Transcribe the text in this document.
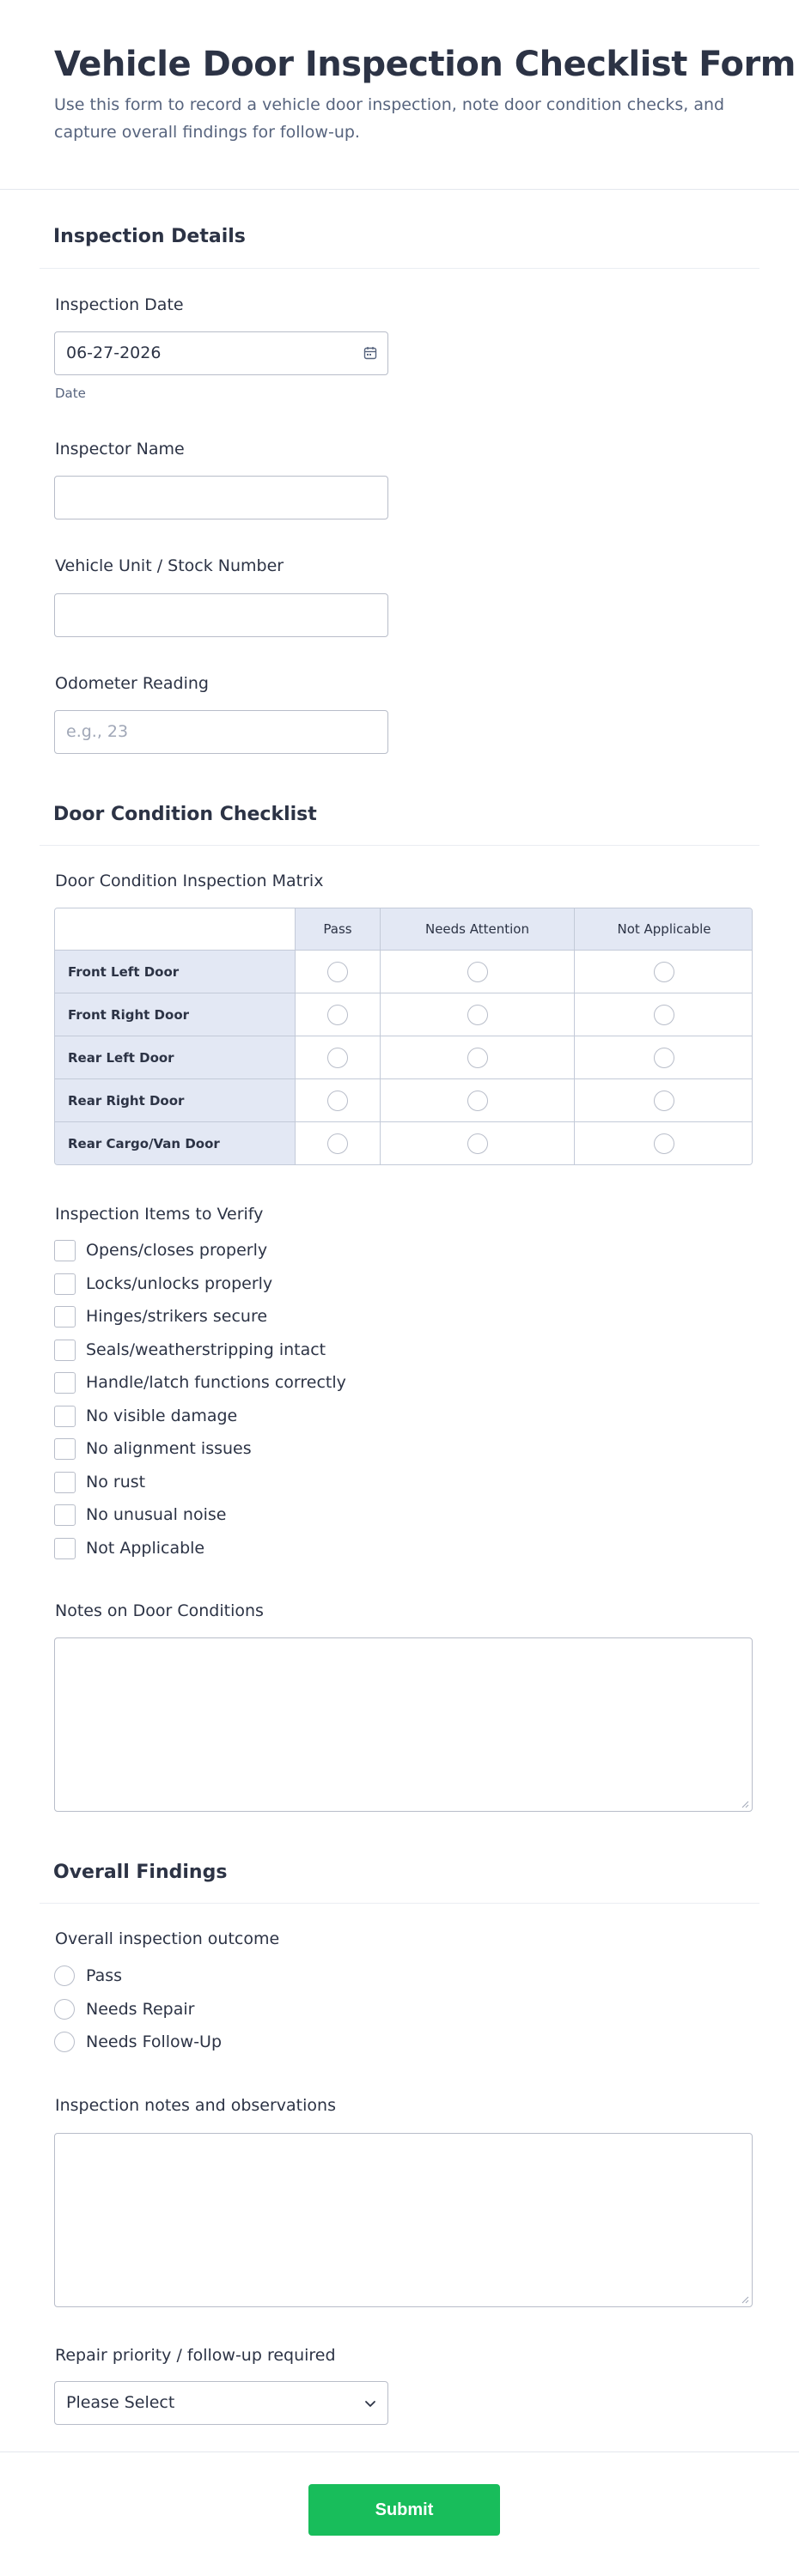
Vehicle Door Inspection Checklist Form

Use this form to record a vehicle door inspection, note door condition checks, and capture overall findings for follow-up.

Inspection Details
Inspection Date
06-27-2026
Date
Inspector Name
Vehicle Unit / Stock Number
Odometer Reading
e.g., 23
Door Condition Checklist
Door Condition Inspection Matrix
Pass	Needs Attention	Not Applicable
Front Left Door
Front Right Door
Rear Left Door
Rear Right Door
Rear Cargo/Van Door
Inspection Items to Verify
Opens/closes properly
Locks/unlocks properly
Hinges/strikers secure
Seals/weatherstripping intact
Handle/latch functions correctly
No visible damage
No alignment issues
No rust
No unusual noise
Not Applicable
Notes on Door Conditions
Overall Findings
Overall inspection outcome
Pass
Needs Repair
Needs Follow-Up
Inspection notes and observations
Repair priority / follow-up required
Please Select
Submit
